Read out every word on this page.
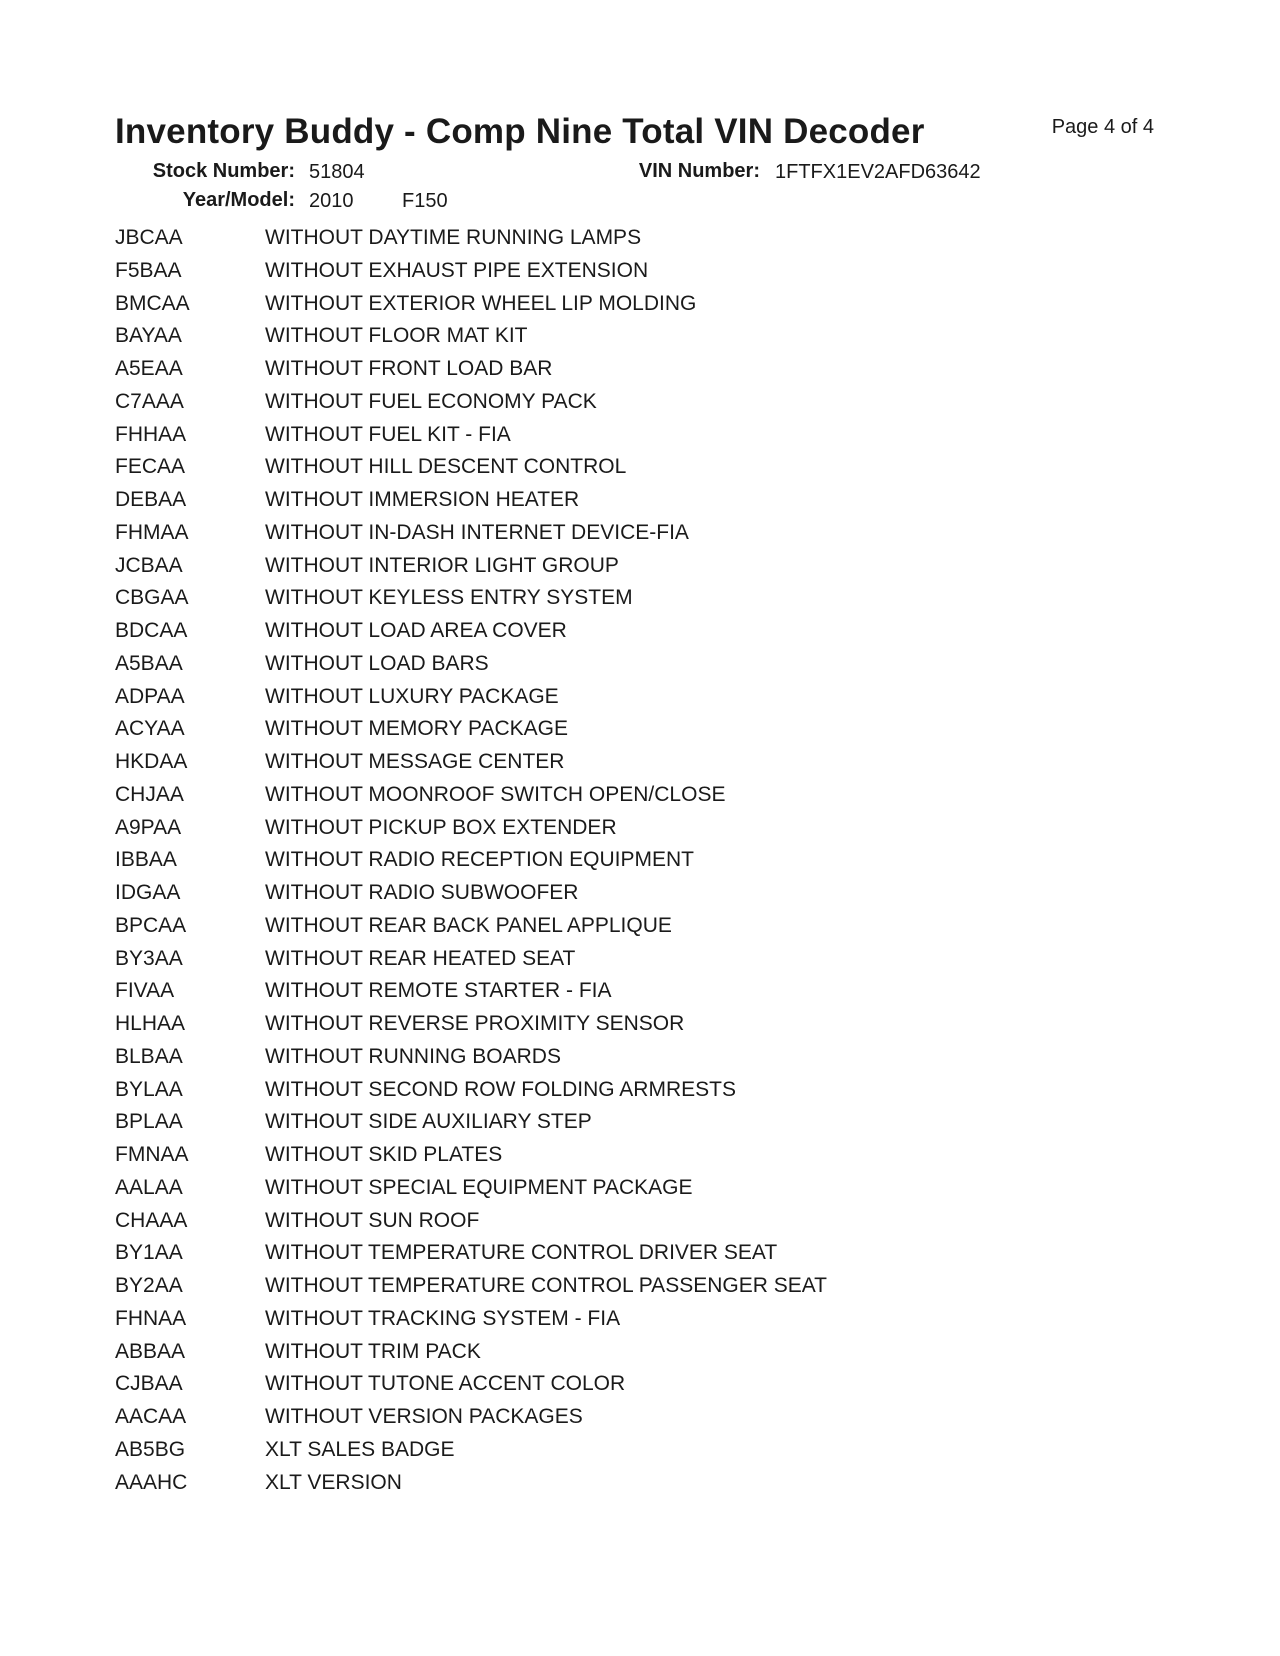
Inventory Buddy - Comp Nine Total VIN Decoder	Page 4 of 4
Stock Number: 51804	VIN Number: 1FTFX1EV2AFD63642
Year/Model: 2010 F150
JBCAA	WITHOUT DAYTIME RUNNING LAMPS
F5BAA	WITHOUT EXHAUST PIPE EXTENSION
BMCAA	WITHOUT EXTERIOR WHEEL LIP MOLDING
BAYAA	WITHOUT FLOOR MAT KIT
A5EAA	WITHOUT FRONT LOAD BAR
C7AAA	WITHOUT FUEL ECONOMY PACK
FHHAA	WITHOUT FUEL KIT - FIA
FECAA	WITHOUT HILL DESCENT CONTROL
DEBAA	WITHOUT IMMERSION HEATER
FHMAA	WITHOUT IN-DASH INTERNET DEVICE-FIA
JCBAA	WITHOUT INTERIOR LIGHT GROUP
CBGAA	WITHOUT KEYLESS ENTRY SYSTEM
BDCAA	WITHOUT LOAD AREA COVER
A5BAA	WITHOUT LOAD BARS
ADPAA	WITHOUT LUXURY PACKAGE
ACYAA	WITHOUT MEMORY PACKAGE
HKDAA	WITHOUT MESSAGE CENTER
CHJAA	WITHOUT MOONROOF SWITCH OPEN/CLOSE
A9PAA	WITHOUT PICKUP BOX EXTENDER
IBBAA	WITHOUT RADIO RECEPTION EQUIPMENT
IDGAA	WITHOUT RADIO SUBWOOFER
BPCAA	WITHOUT REAR BACK PANEL APPLIQUE
BY3AA	WITHOUT REAR HEATED SEAT
FIVAA	WITHOUT REMOTE STARTER - FIA
HLHAA	WITHOUT REVERSE PROXIMITY SENSOR
BLBAA	WITHOUT RUNNING BOARDS
BYLAA	WITHOUT SECOND ROW FOLDING ARMRESTS
BPLAA	WITHOUT SIDE AUXILIARY STEP
FMNAA	WITHOUT SKID PLATES
AALAA	WITHOUT SPECIAL EQUIPMENT PACKAGE
CHAAA	WITHOUT SUN ROOF
BY1AA	WITHOUT TEMPERATURE CONTROL DRIVER SEAT
BY2AA	WITHOUT TEMPERATURE CONTROL PASSENGER SEAT
FHNAA	WITHOUT TRACKING SYSTEM - FIA
ABBAA	WITHOUT TRIM PACK
CJBAA	WITHOUT TUTONE ACCENT COLOR
AACAA	WITHOUT VERSION PACKAGES
AB5BG	XLT SALES BADGE
AAAHC	XLT VERSION
